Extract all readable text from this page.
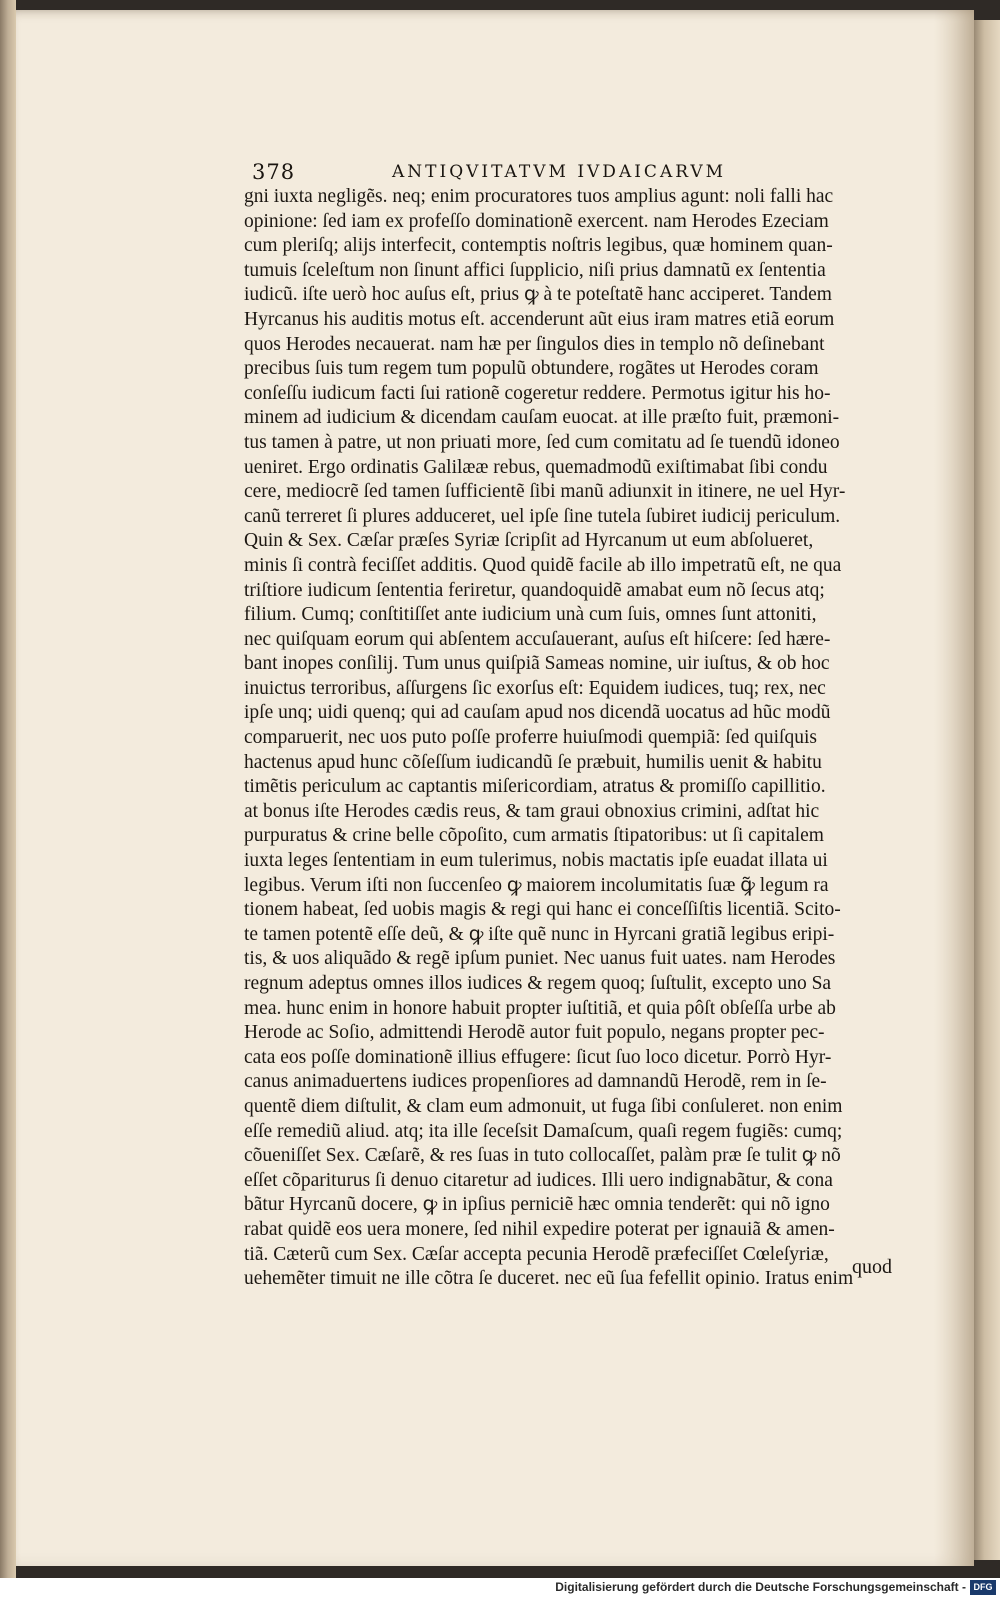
378	ANTIQVITATVM IVDAICARVM
gni iuxta negligẽs. neq; enim procuratores tuos amplius agunt: noli falli hac
opinione: ſed iam ex profeſſo dominationẽ exercent. nam Herodes Ezeciam
cum pleriſq; alijs interfecit, contemptis noſtris legibus, quæ hominem quan-
tumuis ſceleſtum non ſinunt affici ſupplicio, niſi prius damnatũ ex ſententia
iudicũ. iſte uerò hoc auſus eſt, prius ꝙ à te poteſtatẽ hanc acciperet. Tandem
Hyrcanus his auditis motus eſt. accenderunt aũt eius iram matres etiã eorum
quos Herodes necauerat. nam hæ per ſingulos dies in templo nõ deſinebant
precibus ſuis tum regem tum populũ obtundere, rogãtes ut Herodes coram
conſeſſu iudicum facti ſui rationẽ cogeretur reddere. Permotus igitur his ho-
minem ad iudicium & dicendam cauſam euocat. at ille præſto fuit, præmoni-
tus tamen à patre, ut non priuati more, ſed cum comitatu ad ſe tuendũ idoneo
ueniret. Ergo ordinatis Galilææ rebus, quemadmodũ exiſtimabat ſibi condu
cere, mediocrẽ ſed tamen ſufficientẽ ſibi manũ adiunxit in itinere, ne uel Hyr-
canũ terreret ſi plures adduceret, uel ipſe ſine tutela ſubiret iudicij periculum.
Quin & Sex. Cæſar præſes Syriæ ſcripſit ad Hyrcanum ut eum abſolueret,
minis ſi contrà feciſſet additis. Quod quidẽ facile ab illo impetratũ eſt, ne qua
triſtiore iudicum ſententia feriretur, quandoquidẽ amabat eum nõ ſecus atq;
filium. Cumq; conſtitiſſet ante iudicium unà cum ſuis, omnes ſunt attoniti,
nec quiſquam eorum qui abſentem accuſauerant, auſus eſt hiſcere: ſed hære-
bant inopes conſilij. Tum unus quiſpiã Sameas nomine, uir iuſtus, & ob hoc
inuictus terroribus, aſſurgens ſic exorſus eſt: Equidem iudices, tuq; rex, nec
ipſe unq; uidi quenq; qui ad cauſam apud nos dicendã uocatus ad hũc modũ
comparuerit, nec uos puto poſſe proferre huiuſmodi quempiã: ſed quiſquis
hactenus apud hunc cõſeſſum iudicandũ ſe præbuit, humilis uenit & habitu
timẽtis periculum ac captantis miſericordiam, atratus & promiſſo capillitio.
at bonus iſte Herodes cædis reus, & tam graui obnoxius crimini, adſtat hic
purpuratus & crine belle cõpoſito, cum armatis ſtipatoribus: ut ſi capitalem
iuxta leges ſententiam in eum tulerimus, nobis mactatis ipſe euadat illata ui
legibus. Verum iſti non ſuccenſeo ꝙ maiorem incolumitatis ſuæ ꝙ̃ legum ra
tionem habeat, ſed uobis magis & regi qui hanc ei conceſſiſtis licentiã. Scito-
te tamen potentẽ eſſe deũ, & ꝙ iſte quẽ nunc in Hyrcani gratiã legibus eripi-
tis, & uos aliquãdo & regẽ ipſum puniet. Nec uanus fuit uates. nam Herodes
regnum adeptus omnes illos iudices & regem quoq; ſuſtulit, excepto uno Sa
mea. hunc enim in honore habuit propter iuſtitiã, et quia pôſt obſeſſa urbe ab
Herode ac Soſio, admittendi Herodẽ autor fuit populo, negans propter pec-
cata eos poſſe dominationẽ illius effugere: ſicut ſuo loco dicetur. Porrò Hyr-
canus animaduertens iudices propenſiores ad damnandũ Herodẽ, rem in ſe-
quentẽ diem diſtulit, & clam eum admonuit, ut fuga ſibi conſuleret. non enim
eſſe remediũ aliud. atq; ita ille ſeceſsit Damaſcum, quaſi regem fugiẽs: cumq;
cõueniſſet Sex. Cæſarẽ, & res ſuas in tuto collocaſſet, palàm præ ſe tulit ꝙ nõ
eſſet cõpariturus ſi denuo citaretur ad iudices. Illi uero indignabãtur, & cona
bãtur Hyrcanũ docere, ꝙ in ipſius perniciẽ hæc omnia tenderẽt: qui nõ igno
rabat quidẽ eos uera monere, ſed nihil expedire poterat per ignauiã & amen-
tiã. Cæterũ cum Sex. Cæſar accepta pecunia Herodẽ præfeciſſet Cœleſyriæ,
uehemẽter timuit ne ille cõtra ſe duceret. nec eũ ſua fefellit opinio. Iratus enim
quod
Digitalisierung gefördert durch die Deutsche Forschungsgemeinschaft - DFG
